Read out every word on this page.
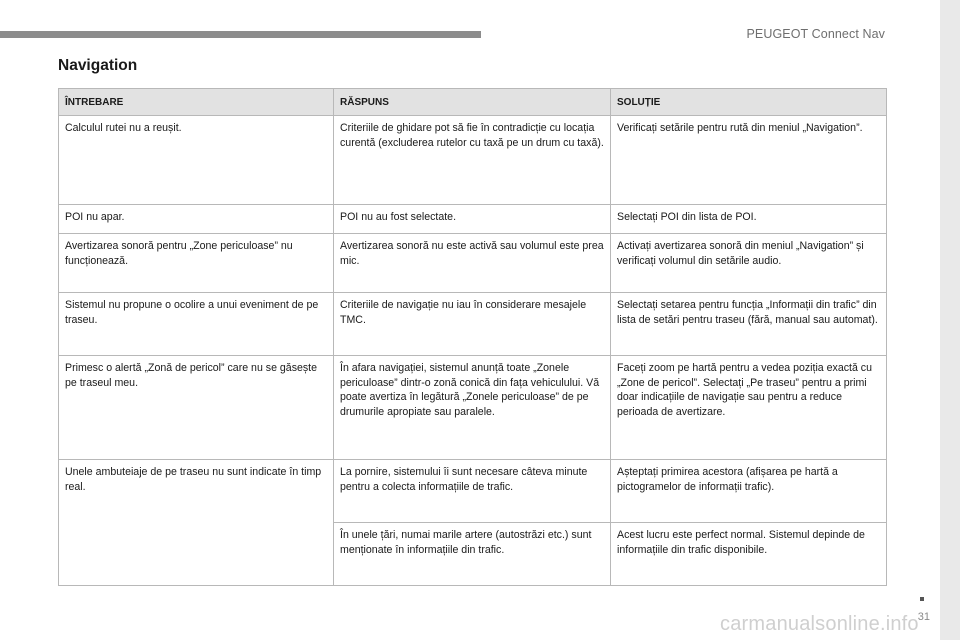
PEUGEOT Connect Nav
Navigation
ÎNTREBARE	RĂSPUNS	SOLUȚIE
Calculul rutei nu a reușit.	Criteriile de ghidare pot să fie în contradicție cu locația curentă (excluderea rutelor cu taxă pe un drum cu taxă).	Verificați setările pentru rută din meniul „Navigation”.
POI nu apar.	POI nu au fost selectate.	Selectați POI din lista de POI.
Avertizarea sonoră pentru „Zone periculoase” nu funcționează.	Avertizarea sonoră nu este activă sau volumul este prea mic.	Activați avertizarea sonoră din meniul „Navigation” și verificați volumul din setările audio.
Sistemul nu propune o ocolire a unui eveniment de pe traseu.	Criteriile de navigație nu iau în considerare mesajele TMC.	Selectați setarea pentru funcția „Informații din trafic” din lista de setări pentru traseu (fără, manual sau automat).
Primesc o alertă „Zonă de pericol” care nu se găsește pe traseul meu.	În afara navigației, sistemul anunță toate „Zonele periculoase” dintr-o zonă conică din fața vehiculului. Vă poate avertiza în legătură „Zonele periculoase” de pe drumurile apropiate sau paralele.	Faceți zoom pe hartă pentru a vedea poziția exactă cu „Zone de pericol”. Selectați „Pe traseu” pentru a primi doar indicațiile de navigație sau pentru a reduce perioada de avertizare.
Unele ambuteiaje de pe traseu nu sunt indicate în timp real.	La pornire, sistemului îi sunt necesare câteva minute pentru a colecta informațiile de trafic.	Așteptați primirea acestora (afișarea pe hartă a pictogramelor de informații trafic).
	În unele țări, numai marile artere (autostrăzi etc.) sunt menționate în informațiile din trafic.	Acest lucru este perfect normal. Sistemul depinde de informațiile din trafic disponibile.
31
carmanualsonline.info
